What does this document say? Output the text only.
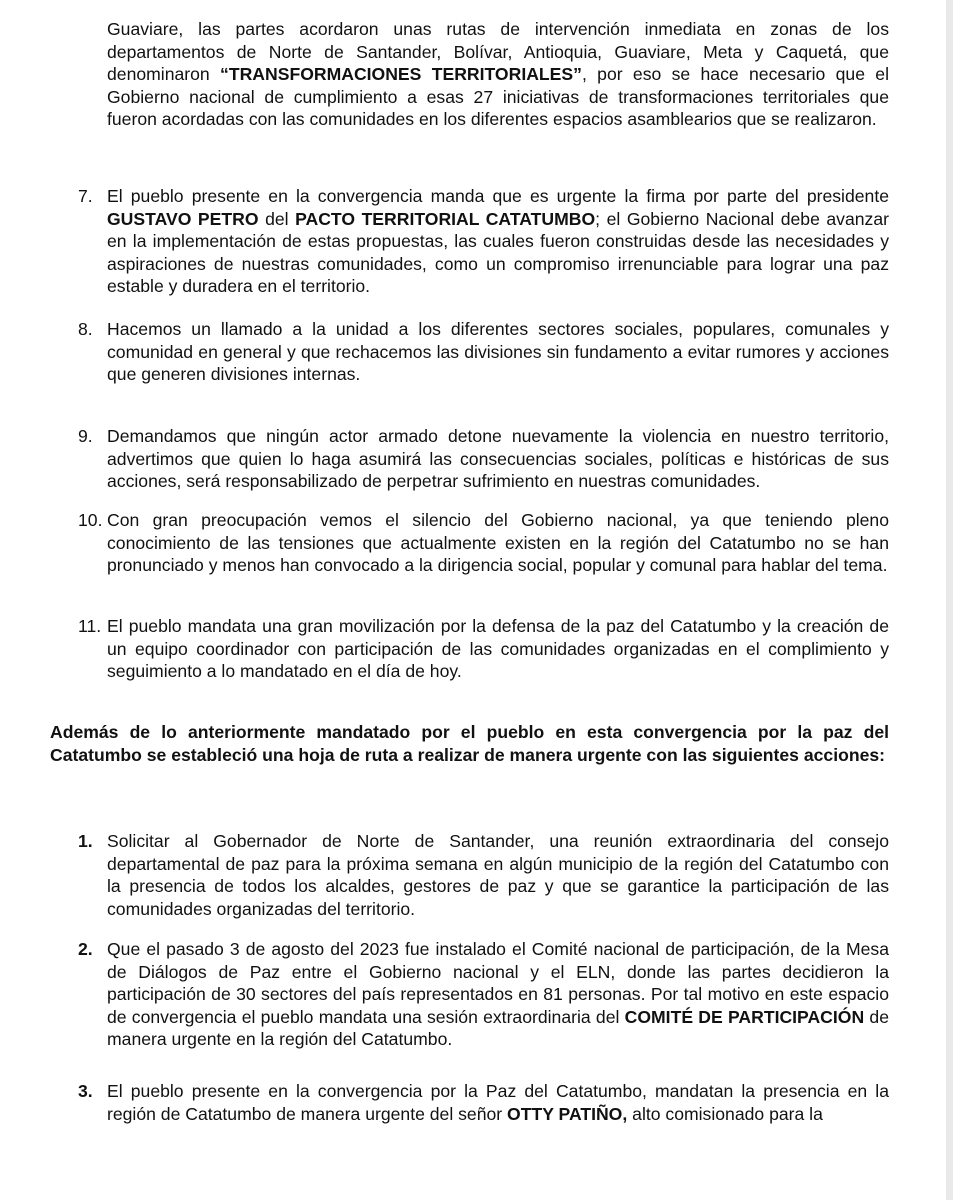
Guaviare, las partes acordaron unas rutas de intervención inmediata en zonas de los departamentos de Norte de Santander, Bolívar, Antioquia, Guaviare, Meta y Caquetá, que denominaron “TRANSFORMACIONES TERRITORIALES”, por eso se hace necesario que el Gobierno nacional de cumplimiento a esas 27 iniciativas de transformaciones territoriales que fueron acordadas con las comunidades en los diferentes espacios asamblearios que se realizaron.

7. El pueblo presente en la convergencia manda que es urgente la firma por parte del presidente GUSTAVO PETRO del PACTO TERRITORIAL CATATUMBO; el Gobierno Nacional debe avanzar en la implementación de estas propuestas, las cuales fueron construidas desde las necesidades y aspiraciones de nuestras comunidades, como un compromiso irrenunciable para lograr una paz estable y duradera en el territorio.
8. Hacemos un llamado a la unidad a los diferentes sectores sociales, populares, comunales y comunidad en general y que rechacemos las divisiones sin fundamento a evitar rumores y acciones que generen divisiones internas.
9. Demandamos que ningún actor armado detone nuevamente la violencia en nuestro territorio, advertimos que quien lo haga asumirá las consecuencias sociales, políticas e históricas de sus acciones, será responsabilizado de perpetrar sufrimiento en nuestras comunidades.
10. Con gran preocupación vemos el silencio del Gobierno nacional, ya que teniendo pleno conocimiento de las tensiones que actualmente existen en la región del Catatumbo no se han pronunciado y menos han convocado a la dirigencia social, popular y comunal para hablar del tema.
11. El pueblo mandata una gran movilización por la defensa de la paz del Catatumbo y la creación de un equipo coordinador con participación de las comunidades organizadas en el complimiento y seguimiento a lo mandatado en el día de hoy.

Además de lo anteriormente mandatado por el pueblo en esta convergencia por la paz del Catatumbo se estableció una hoja de ruta a realizar de manera urgente con las siguientes acciones:

1. Solicitar al Gobernador de Norte de Santander, una reunión extraordinaria del consejo departamental de paz para la próxima semana en algún municipio de la región del Catatumbo con la presencia de todos los alcaldes, gestores de paz y que se garantice la participación de las comunidades organizadas del territorio.
2. Que el pasado 3 de agosto del 2023 fue instalado el Comité nacional de participación, de la Mesa de Diálogos de Paz entre el Gobierno nacional y el ELN, donde las partes decidieron la participación de 30 sectores del país representados en 81 personas. Por tal motivo en este espacio de convergencia el pueblo mandata una sesión extraordinaria del COMITÉ DE PARTICIPACIÓN de manera urgente en la región del Catatumbo.
3. El pueblo presente en la convergencia por la Paz del Catatumbo, mandatan la presencia en la región de Catatumbo de manera urgente del señor OTTY PATIÑO, alto comisionado para la
